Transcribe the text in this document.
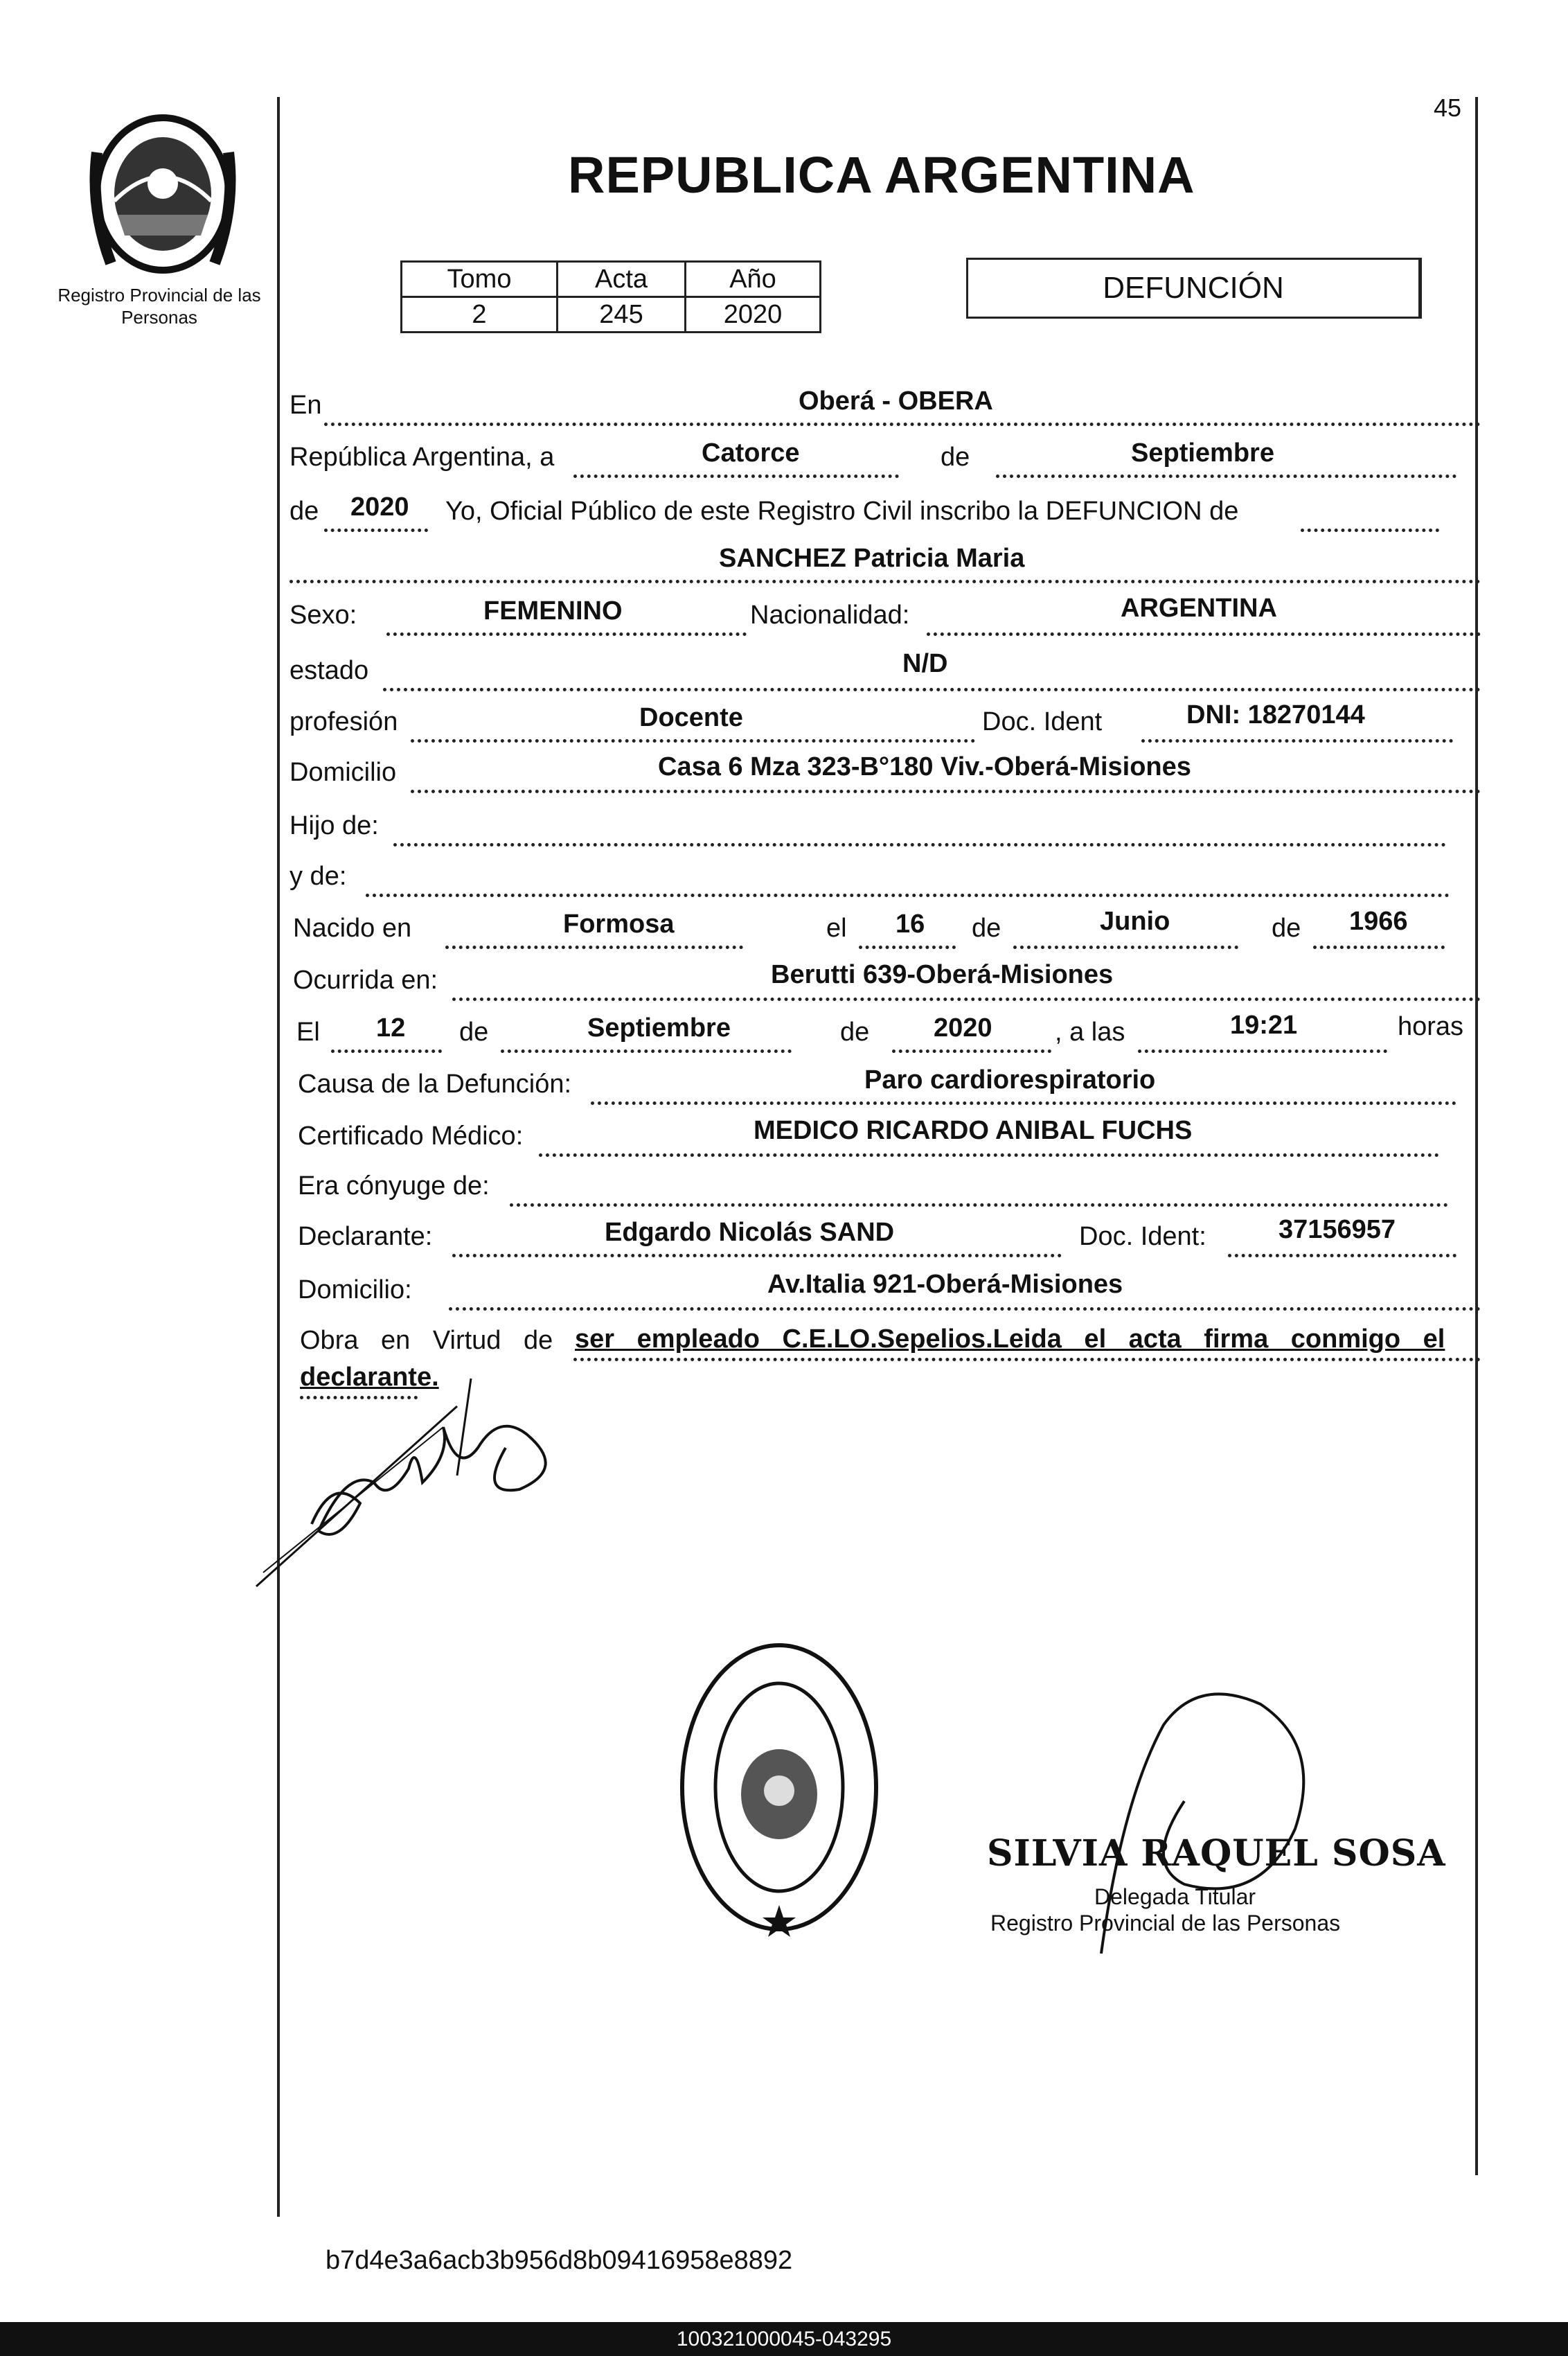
Registro Provincial de las Personas
45
REPUBLICA ARGENTINA
Tomo	Acta	Año
2	245	2020
DEFUNCIÓN
En	Oberá - OBERA
República Argentina, a	Catorce	de	Septiembre
de 2020 Yo, Oficial Público de este Registro Civil inscribo la DEFUNCION de
SANCHEZ Patricia Maria
Sexo:	FEMENINO	Nacionalidad:	ARGENTINA
estado	N/D
profesión	Docente	Doc. Ident	DNI: 18270144
Domicilio	Casa 6 Mza 323-B°180 Viv.-Oberá-Misiones
Hijo de:
y de:
Nacido en	Formosa	el 16 de	Junio	de 1966
Ocurrida en:	Berutti 639-Oberá-Misiones
El 12 de	Septiembre	de 2020 , a las	19:21	horas
Causa de la Defunción:	Paro cardiorespiratorio
Certificado Médico:	MEDICO RICARDO ANIBAL FUCHS
Era cónyuge de:
Declarante:	Edgardo Nicolás SAND	Doc. Ident:	37156957
Domicilio:	Av.Italia 921-Oberá-Misiones
Obra en Virtud de ser empleado C.E.LO.Sepelios.Leida el acta firma conmigo el
declarante.
SILVIA RAQUEL SOSA
Delegada Titular
Registro Provincial de las Personas
b7d4e3a6acb3b956d8b09416958e8892
100321000045-043295
